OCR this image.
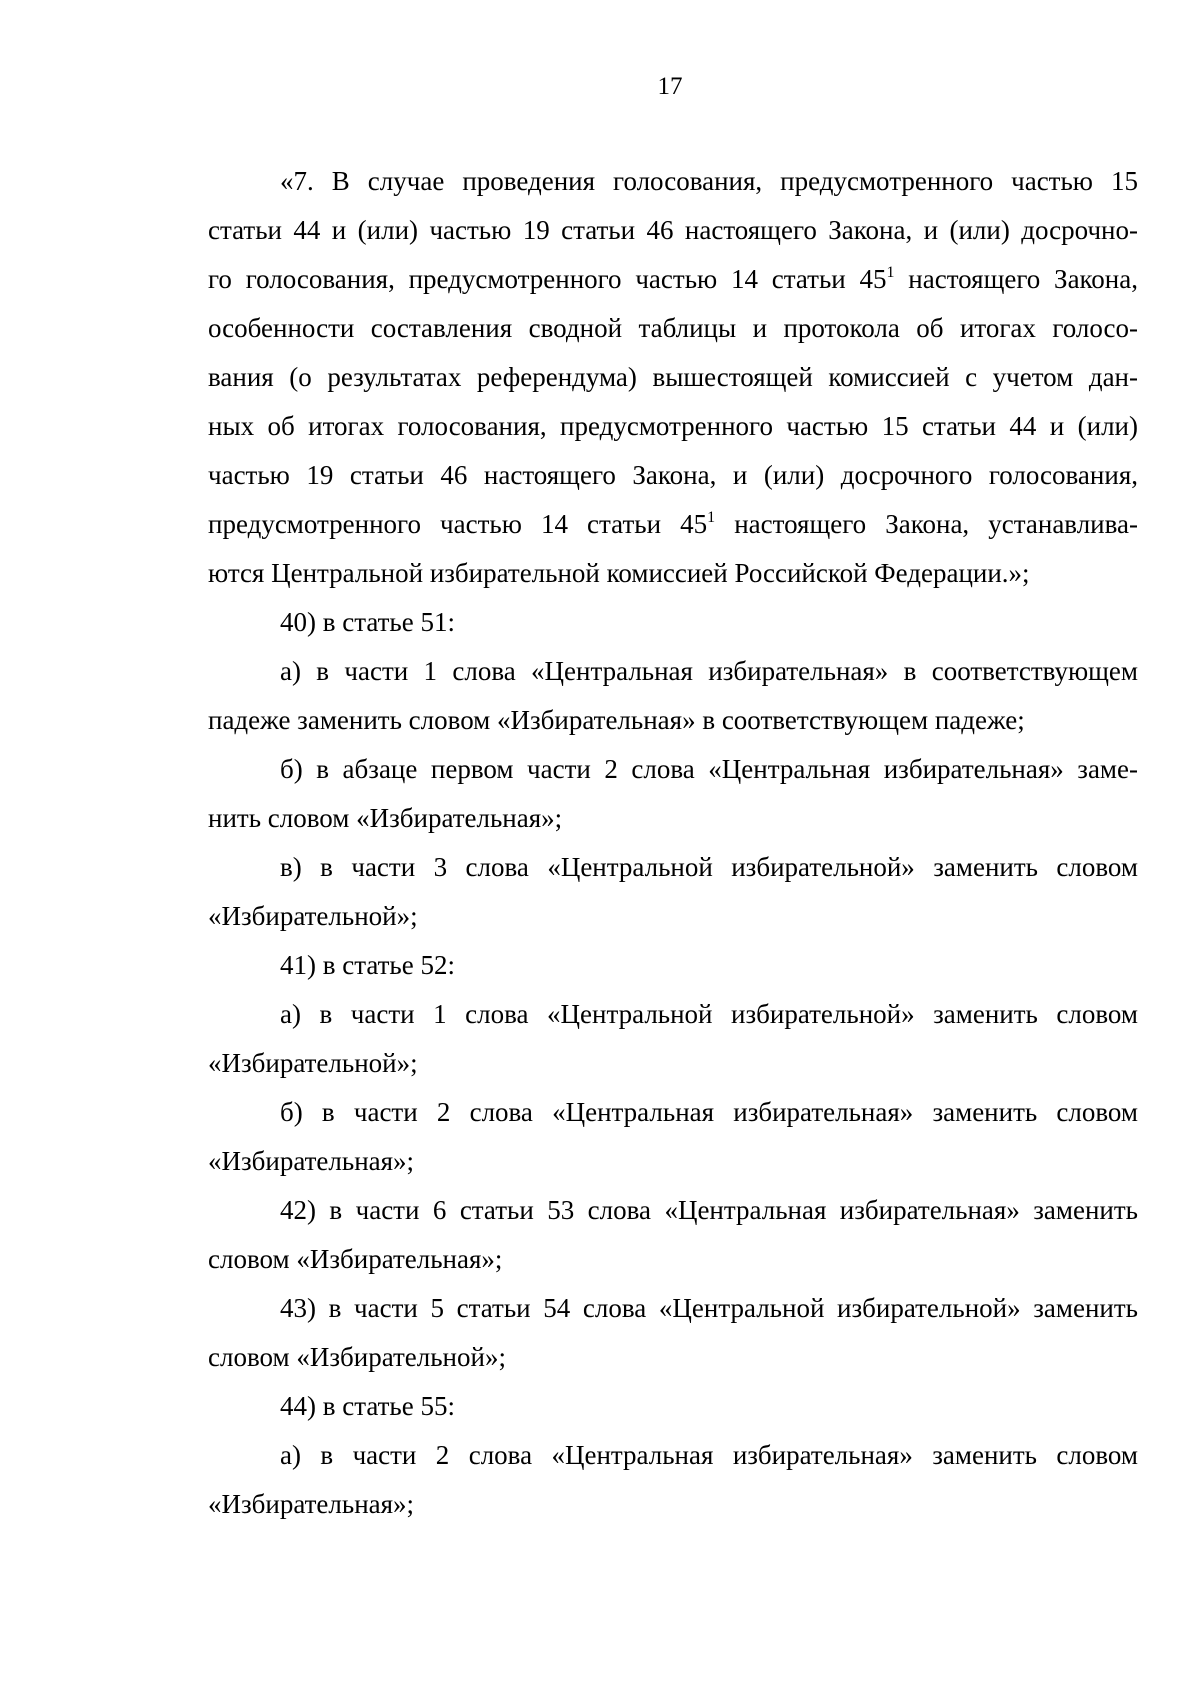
17
«7. В случае проведения голосования, предусмотренного частью 15
статьи 44 и (или) частью 19 статьи 46 настоящего Закона, и (или) досрочно-
го голосования, предусмотренного частью 14 статьи $45^1$ настоящего Закона,
особенности составления сводной таблицы и протокола об итогах голосо-
вания (о результатах референдума) вышестоящей комиссией с учетом дан-
ных об итогах голосования, предусмотренного частью 15 статьи 44 и (или)
частью 19 статьи 46 настоящего Закона, и (или) досрочного голосования,
предусмотренного частью 14 статьи $45^1$ настоящего Закона, устанавлива-
ются Центральной избирательной комиссией Российской Федерации.»;
40) в статье 51:
а) в части 1 слова «Центральная избирательная» в соответствующем
падеже заменить словом «Избирательная» в соответствующем падеже;
б) в абзаце первом части 2 слова «Центральная избирательная» заме-
нить словом «Избирательная»;
в) в части 3 слова «Центральной избирательной» заменить словом
«Избирательной»;
41) в статье 52:
а) в части 1 слова «Центральной избирательной» заменить словом
«Избирательной»;
б) в части 2 слова «Центральная избирательная» заменить словом
«Избирательная»;
42) в части 6 статьи 53 слова «Центральная избирательная» заменить
словом «Избирательная»;
43) в части 5 статьи 54 слова «Центральной избирательной» заменить
словом «Избирательной»;
44) в статье 55:
а) в части 2 слова «Центральная избирательная» заменить словом
«Избирательная»;
